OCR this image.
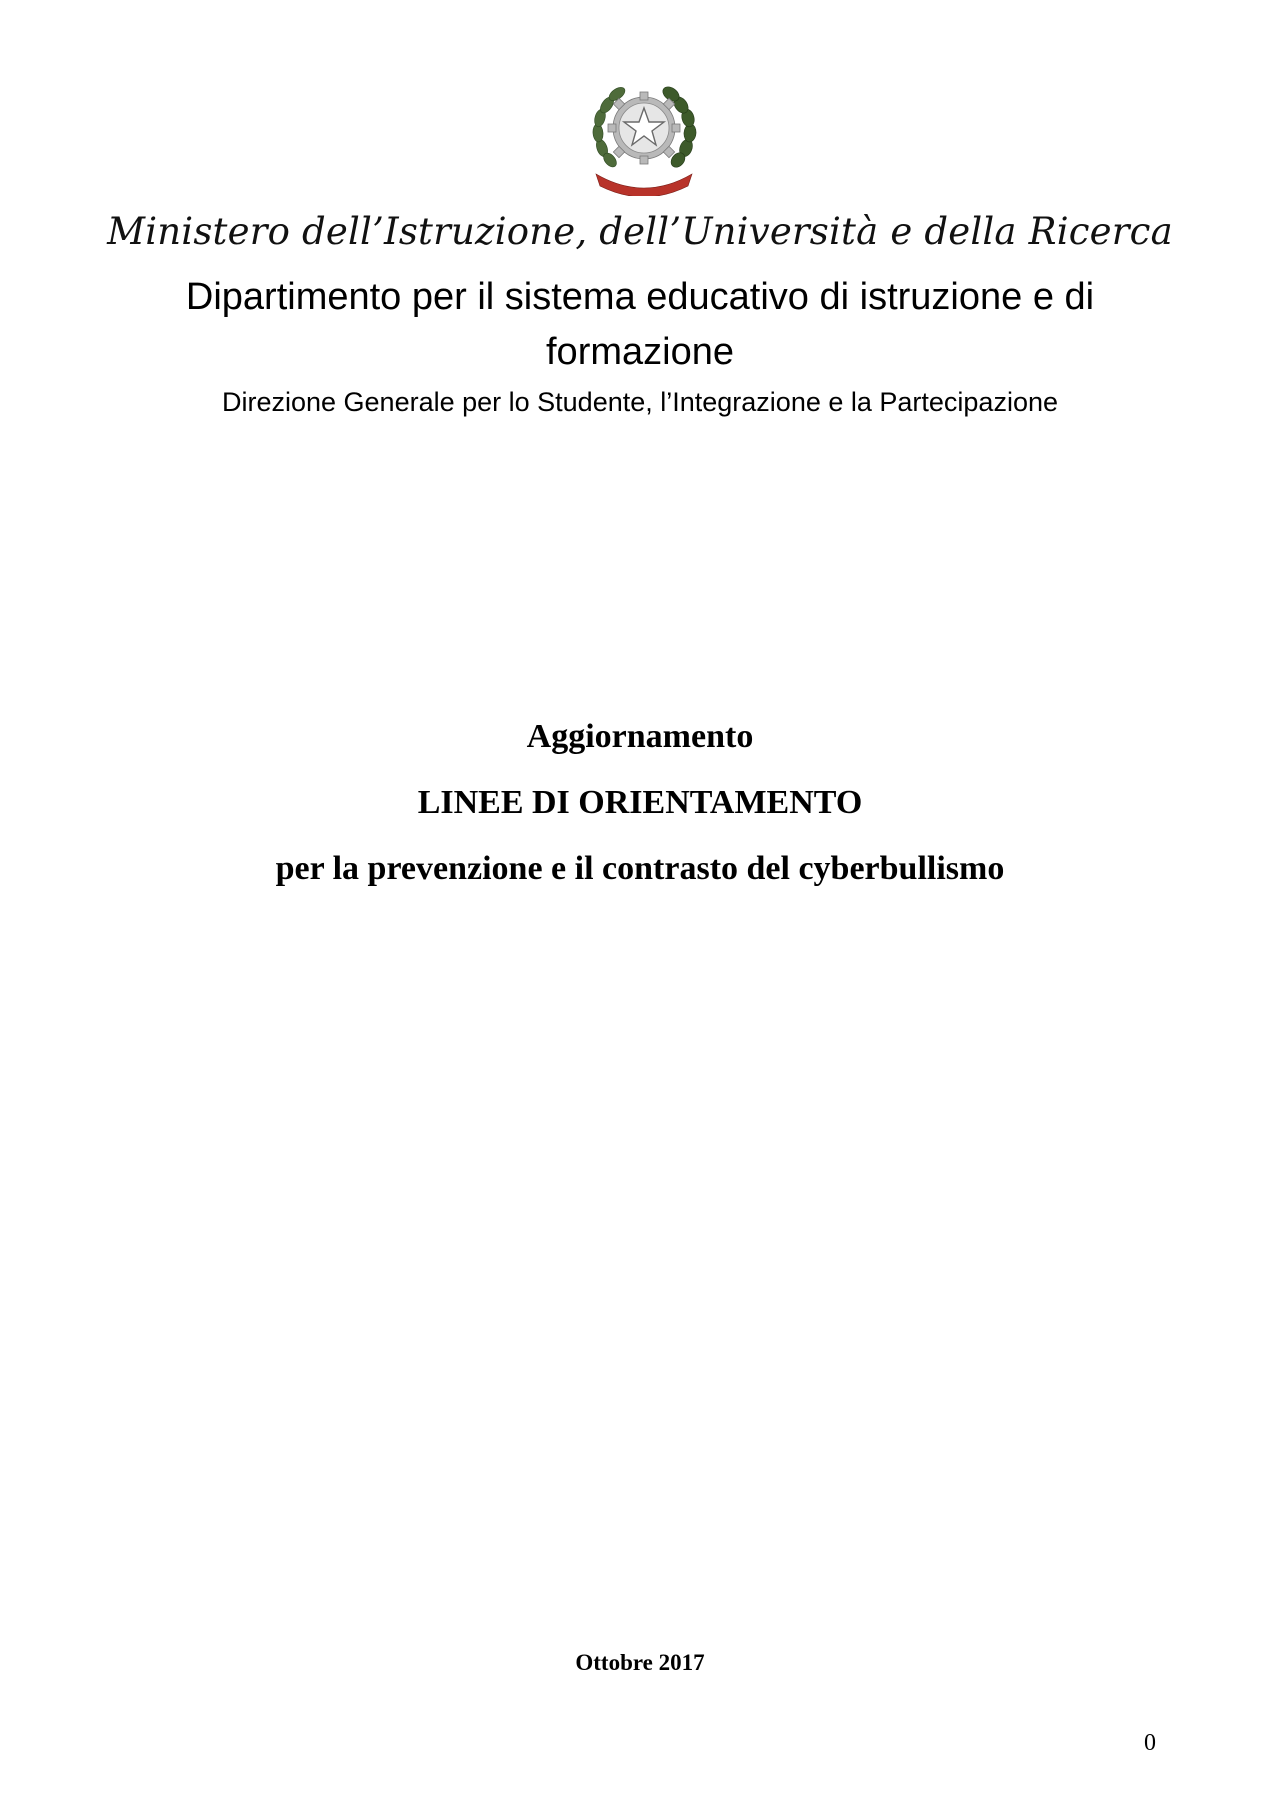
Ministero dell’Istruzione, dell’Università e della Ricerca
Dipartimento per il sistema educativo di istruzione e di formazione
Direzione Generale per lo Studente, l’Integrazione e la Partecipazione
Aggiornamento
LINEE DI ORIENTAMENTO
per la prevenzione e il contrasto del cyberbullismo
Ottobre 2017
0
